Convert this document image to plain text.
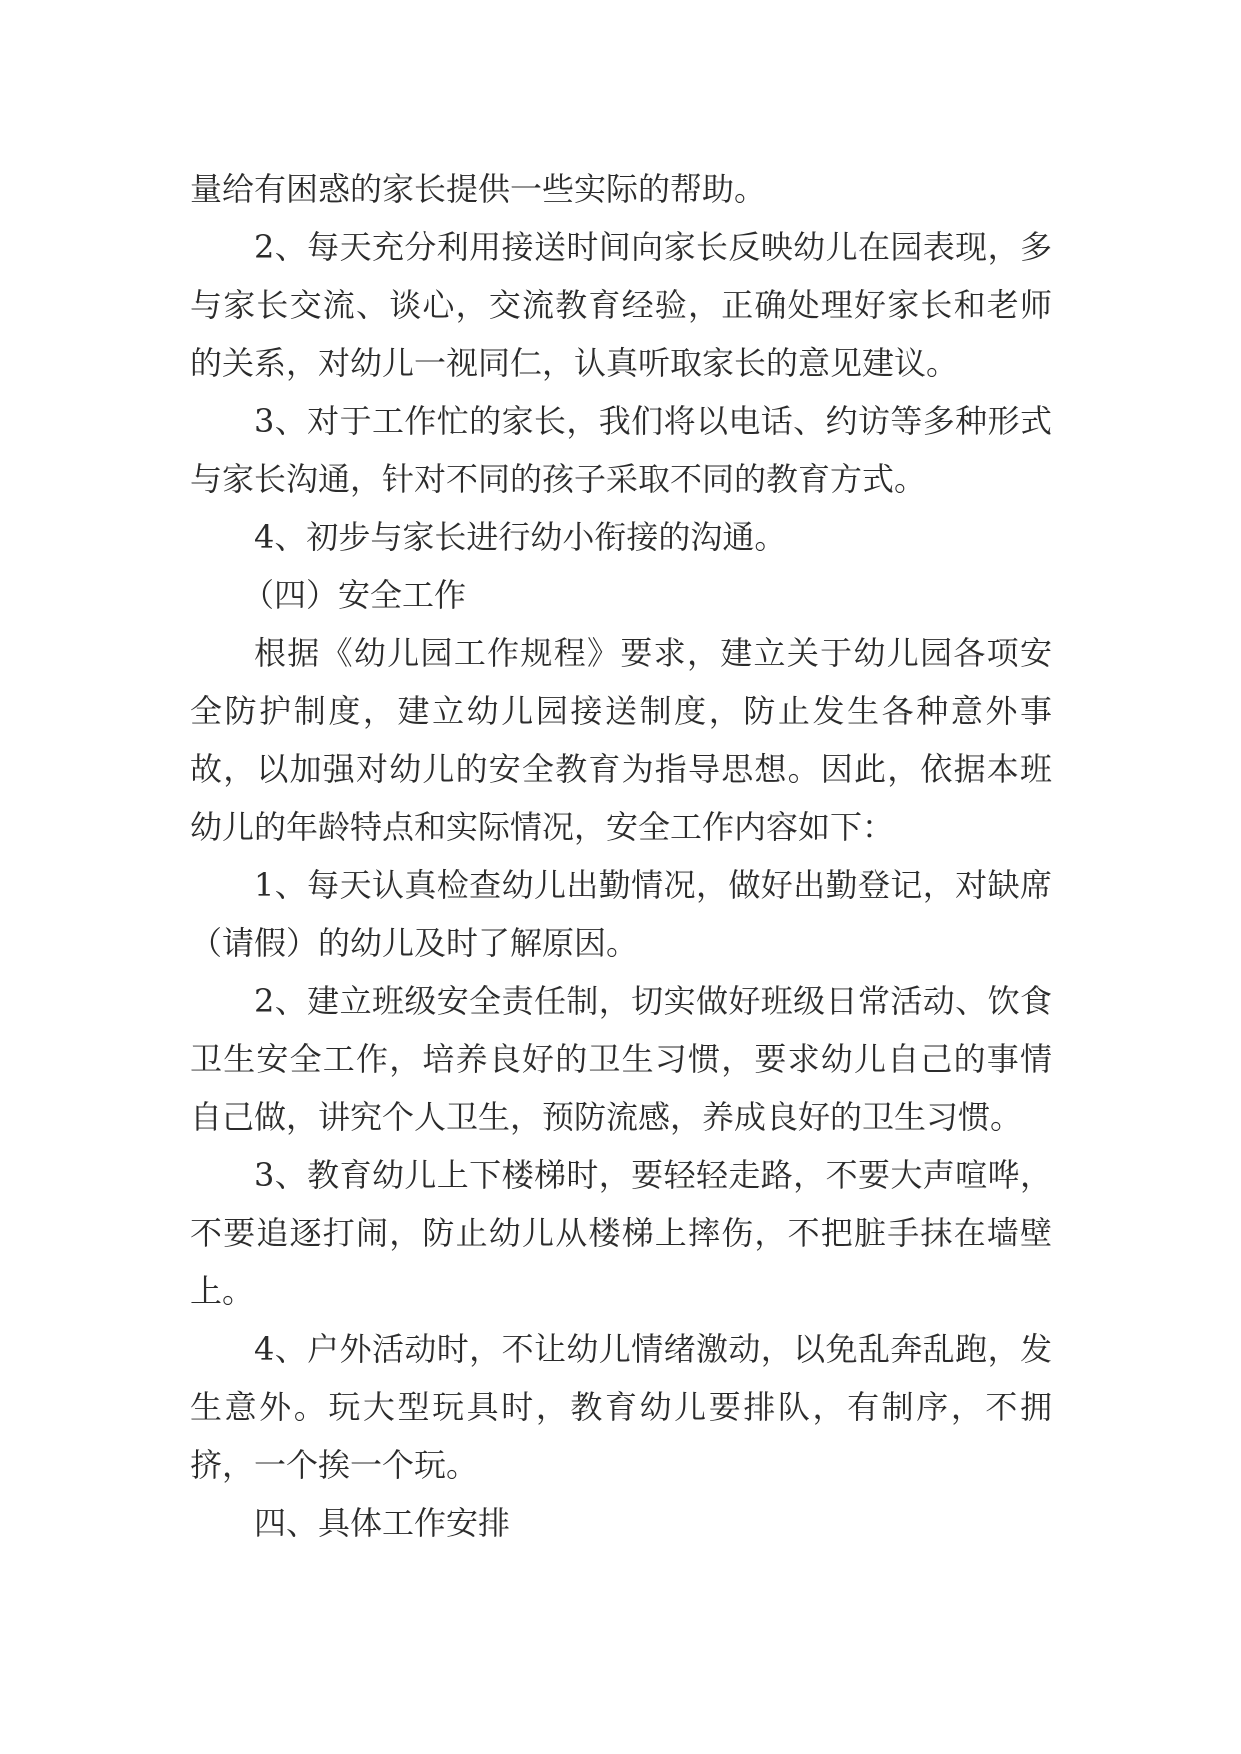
量给有困惑的家长提供一些实际的帮助。

2、每天充分利用接送时间向家长反映幼儿在园表现，多与家长交流、谈心，交流教育经验，正确处理好家长和老师的关系，对幼儿一视同仁，认真听取家长的意见建议。

3、对于工作忙的家长，我们将以电话、约访等多种形式与家长沟通，针对不同的孩子采取不同的教育方式。

4、初步与家长进行幼小衔接的沟通。

（四）安全工作

根据《幼儿园工作规程》要求，建立关于幼儿园各项安全防护制度，建立幼儿园接送制度，防止发生各种意外事故，以加强对幼儿的安全教育为指导思想。因此，依据本班幼儿的年龄特点和实际情况，安全工作内容如下：

1、每天认真检查幼儿出勤情况，做好出勤登记，对缺席（请假）的幼儿及时了解原因。

2、建立班级安全责任制，切实做好班级日常活动、饮食卫生安全工作，培养良好的卫生习惯，要求幼儿自己的事情自己做，讲究个人卫生，预防流感，养成良好的卫生习惯。

3、教育幼儿上下楼梯时，要轻轻走路，不要大声喧哗，不要追逐打闹，防止幼儿从楼梯上摔伤，不把脏手抹在墙壁上。

4、户外活动时，不让幼儿情绪激动，以免乱奔乱跑，发生意外。玩大型玩具时，教育幼儿要排队，有制序，不拥挤，一个挨一个玩。

四、具体工作安排
